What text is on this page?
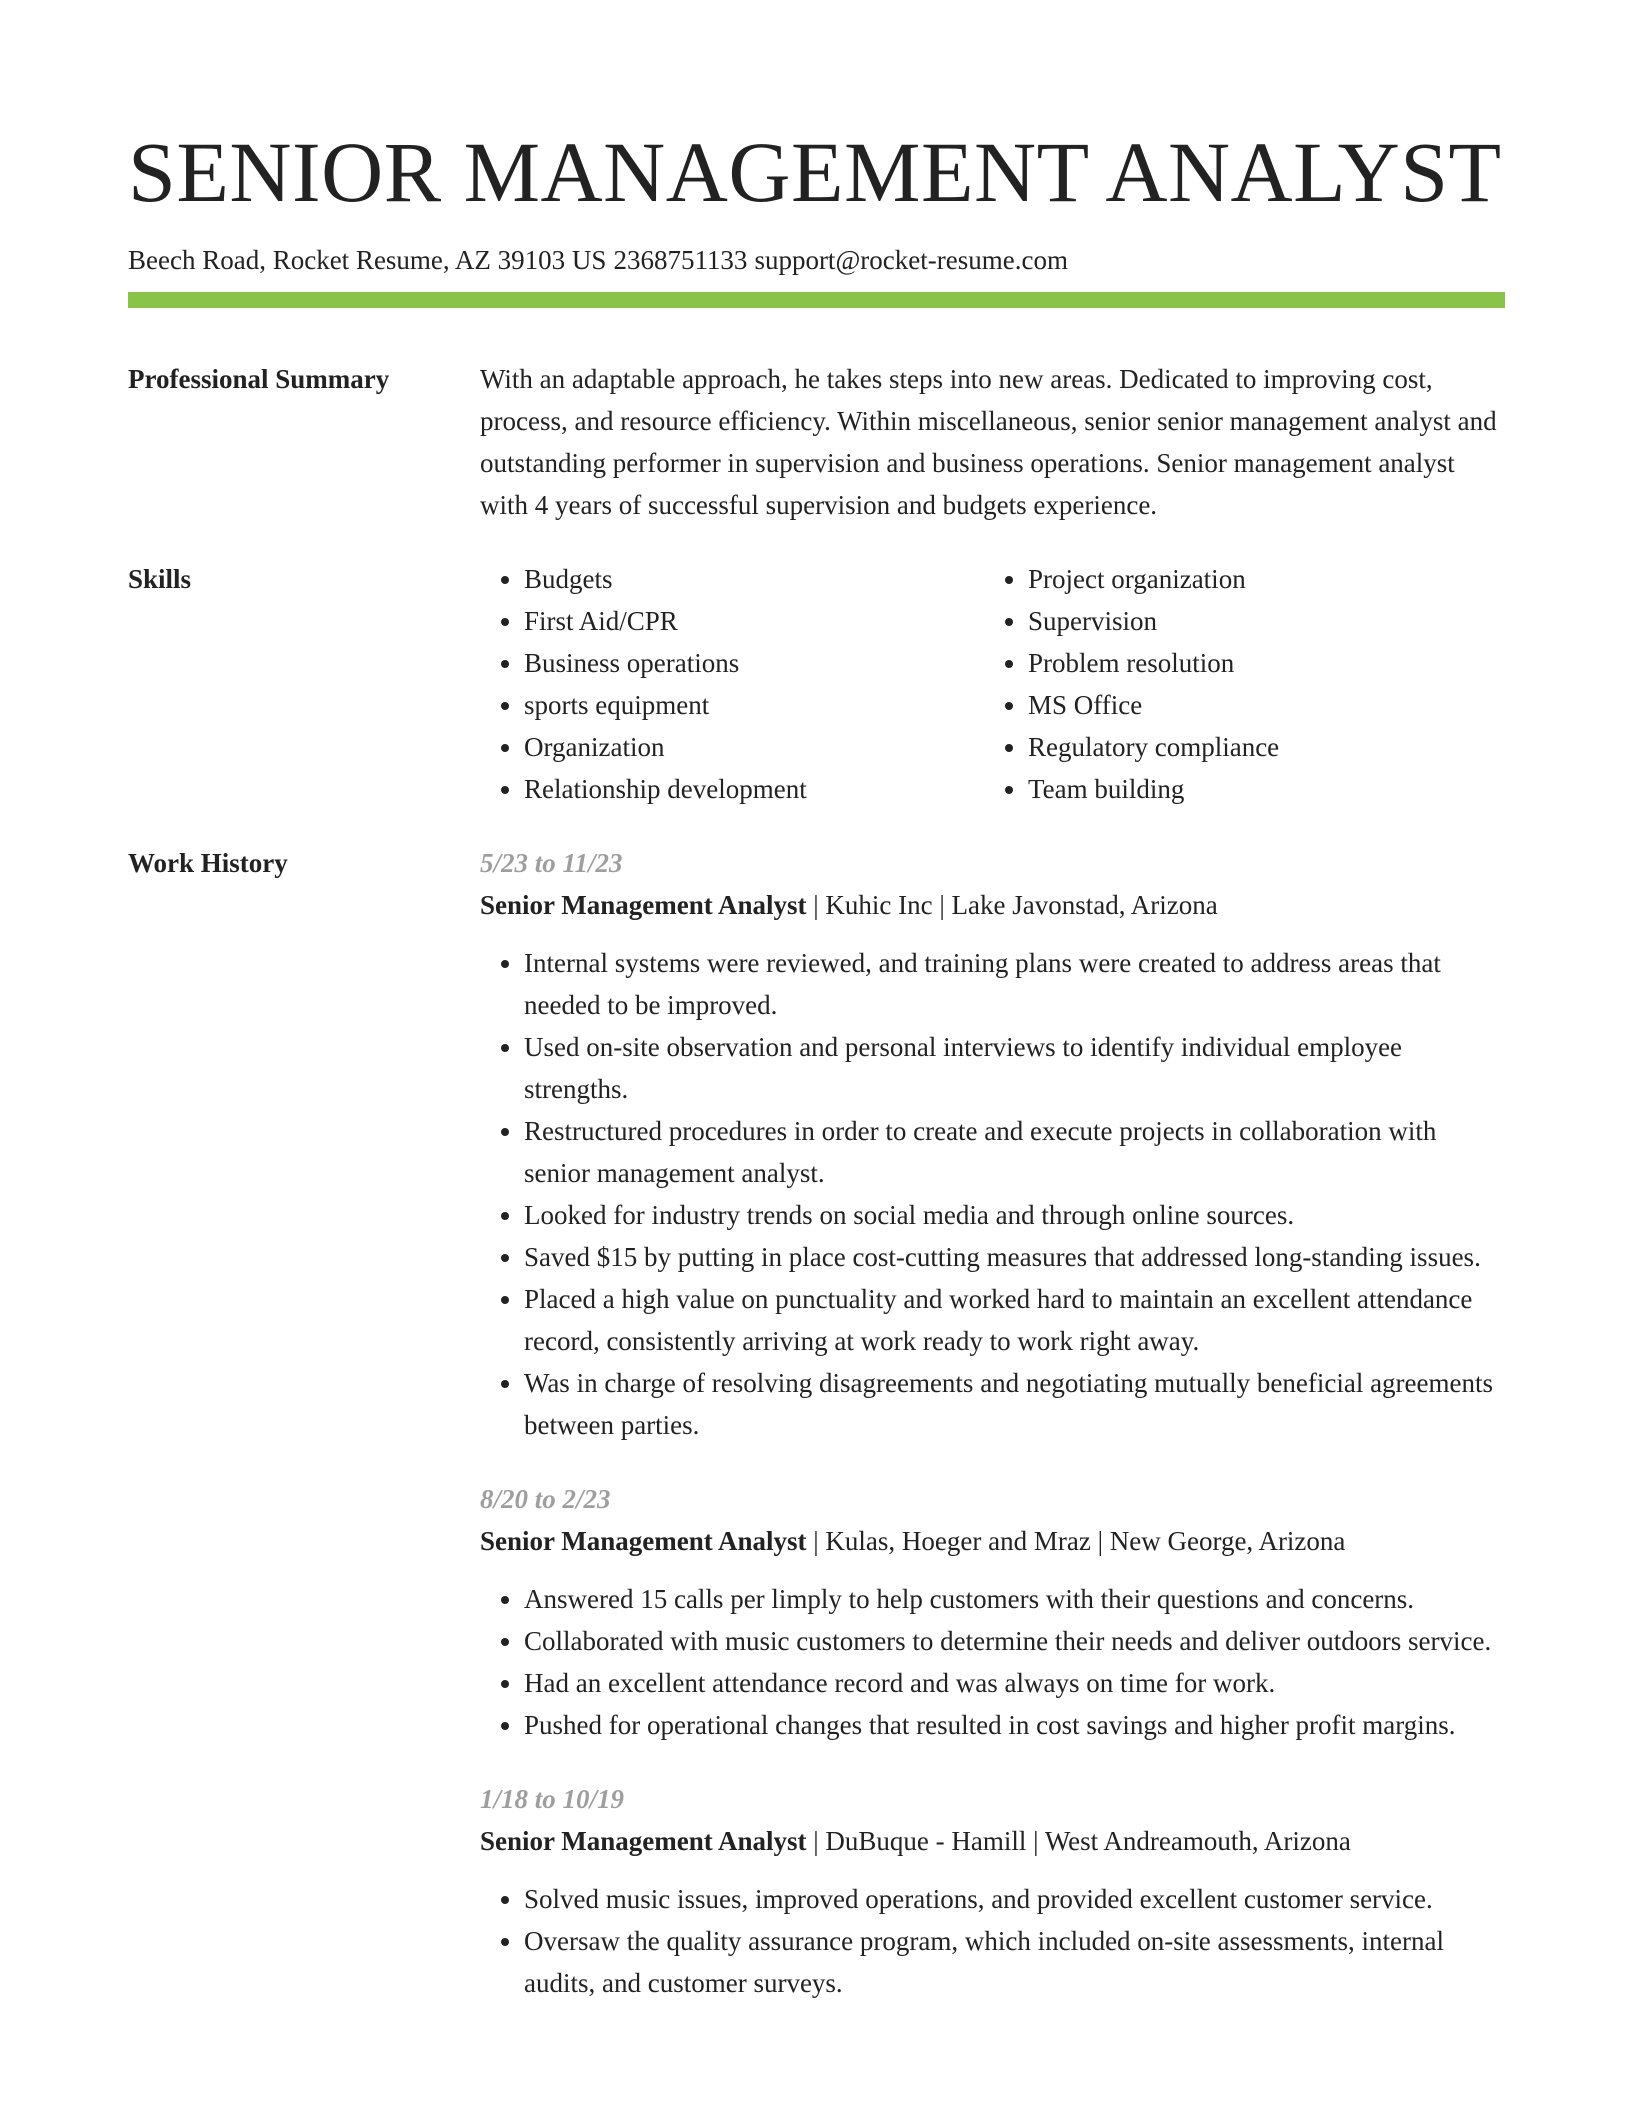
SENIOR MANAGEMENT ANALYST
Beech Road, Rocket Resume, AZ 39103 US 2368751133 support@rocket-resume.com
Professional Summary	With an adaptable approach, he takes steps into new areas. Dedicated to improving cost, process, and resource efficiency. Within miscellaneous, senior senior management analyst and outstanding performer in supervision and business operations. Senior management analyst with 4 years of successful supervision and budgets experience.
Skills
•	Budgets
• First Aid/CPR
• Business operations
• sports equipment
• Organization
• Relationship development
• Project organization
• Supervision
• Problem resolution
• MS Office
• Regulatory compliance
• Team building
Work History	5/23 to 11/23
Senior Management Analyst | Kuhic Inc | Lake Javonstad, Arizona
• Internal systems were reviewed, and training plans were created to address areas that needed to be improved.
• Used on-site observation and personal interviews to identify individual employee strengths.
• Restructured procedures in order to create and execute projects in collaboration with senior management analyst.
• Looked for industry trends on social media and through online sources.
• Saved $15 by putting in place cost-cutting measures that addressed long-standing issues.
• Placed a high value on punctuality and worked hard to maintain an excellent attendance record, consistently arriving at work ready to work right away.
• Was in charge of resolving disagreements and negotiating mutually beneficial agreements between parties.
8/20 to 2/23
Senior Management Analyst | Kulas, Hoeger and Mraz | New George, Arizona
• Answered 15 calls per limply to help customers with their questions and concerns.
• Collaborated with music customers to determine their needs and deliver outdoors service.
• Had an excellent attendance record and was always on time for work.
• Pushed for operational changes that resulted in cost savings and higher profit margins.
1/18 to 10/19
Senior Management Analyst | DuBuque - Hamill | West Andreamouth, Arizona
• Solved music issues, improved operations, and provided excellent customer service.
• Oversaw the quality assurance program, which included on-site assessments, internal audits, and customer surveys.
